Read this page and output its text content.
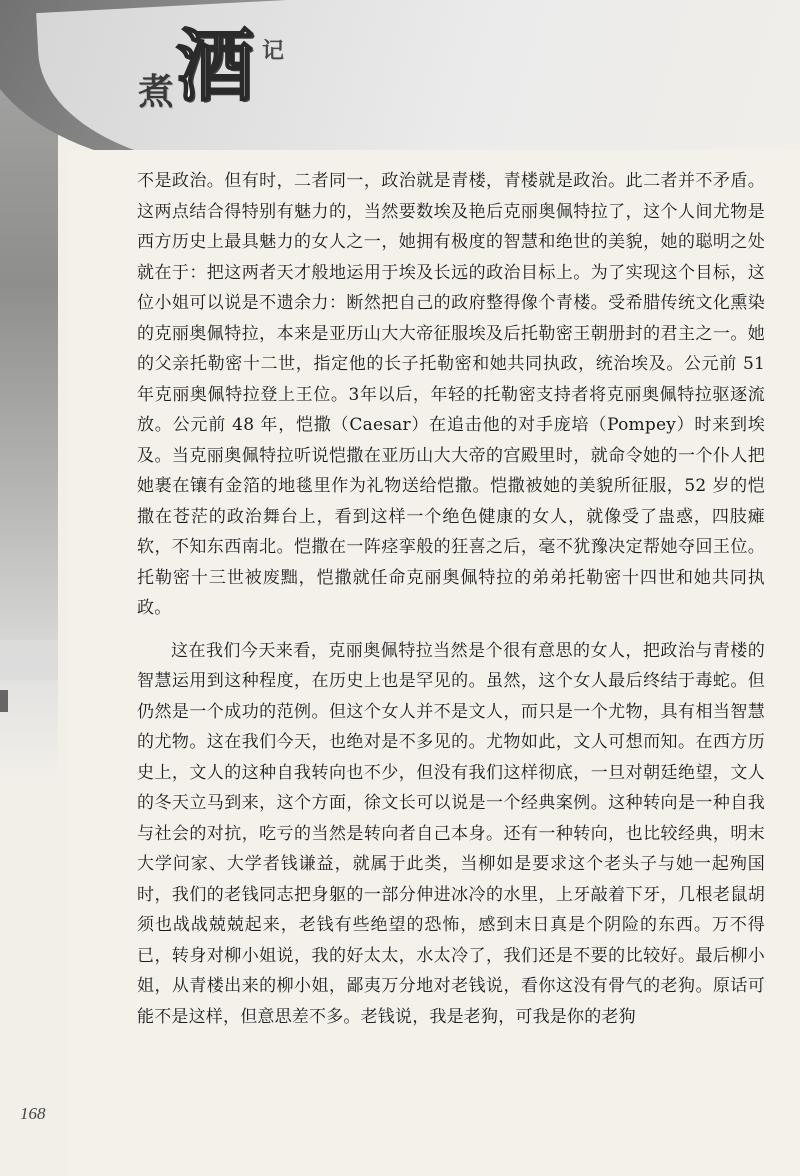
煮 酒 记

不是政治。但有时，二者同一，政治就是青楼，青楼就是政治。此二者并不矛盾。这两点结合得特别有魅力的，当然要数埃及艳后克丽奥佩特拉了，这个人间尤物是西方历史上最具魅力的女人之一，她拥有极度的智慧和绝世的美貌，她的聪明之处就在于：把这两者天才般地运用于埃及长远的政治目标上。为了实现这个目标，这位小姐可以说是不遗余力：断然把自己的政府整得像个青楼。受希腊传统文化熏染的克丽奥佩特拉，本来是亚历山大大帝征服埃及后托勒密王朝册封的君主之一。她的父亲托勒密十二世，指定他的长子托勒密和她共同执政，统治埃及。公元前 51 年克丽奥佩特拉登上王位。3年以后，年轻的托勒密支持者将克丽奥佩特拉驱逐流放。公元前 48 年，恺撒（Caesar）在追击他的对手庞培（Pompey）时来到埃及。当克丽奥佩特拉听说恺撒在亚历山大大帝的宫殿里时，就命令她的一个仆人把她裹在镶有金箔的地毯里作为礼物送给恺撒。恺撒被她的美貌所征服，52 岁的恺撒在苍茫的政治舞台上，看到这样一个绝色健康的女人，就像受了蛊惑，四肢瘫软，不知东西南北。恺撒在一阵痉挛般的狂喜之后，毫不犹豫决定帮她夺回王位。托勒密十三世被废黜，恺撒就任命克丽奥佩特拉的弟弟托勒密十四世和她共同执政。

这在我们今天来看，克丽奥佩特拉当然是个很有意思的女人，把政治与青楼的智慧运用到这种程度，在历史上也是罕见的。虽然，这个女人最后终结于毒蛇。但仍然是一个成功的范例。但这个女人并不是文人，而只是一个尤物，具有相当智慧的尤物。这在我们今天，也绝对是不多见的。尤物如此，文人可想而知。在西方历史上，文人的这种自我转向也不少，但没有我们这样彻底，一旦对朝廷绝望，文人的冬天立马到来，这个方面，徐文长可以说是一个经典案例。这种转向是一种自我与社会的对抗，吃亏的当然是转向者自己本身。还有一种转向，也比较经典，明末大学问家、大学者钱谦益，就属于此类，当柳如是要求这个老头子与她一起殉国时，我们的老钱同志把身躯的一部分伸进冰冷的水里，上牙敲着下牙，几根老鼠胡须也战战兢兢起来，老钱有些绝望的恐怖，感到末日真是个阴险的东西。万不得已，转身对柳小姐说，我的好太太，水太冷了，我们还是不要的比较好。最后柳小姐，从青楼出来的柳小姐，鄙夷万分地对老钱说，看你这没有骨气的老狗。原话可能不是这样，但意思差不多。老钱说，我是老狗，可我是你的老狗

168
